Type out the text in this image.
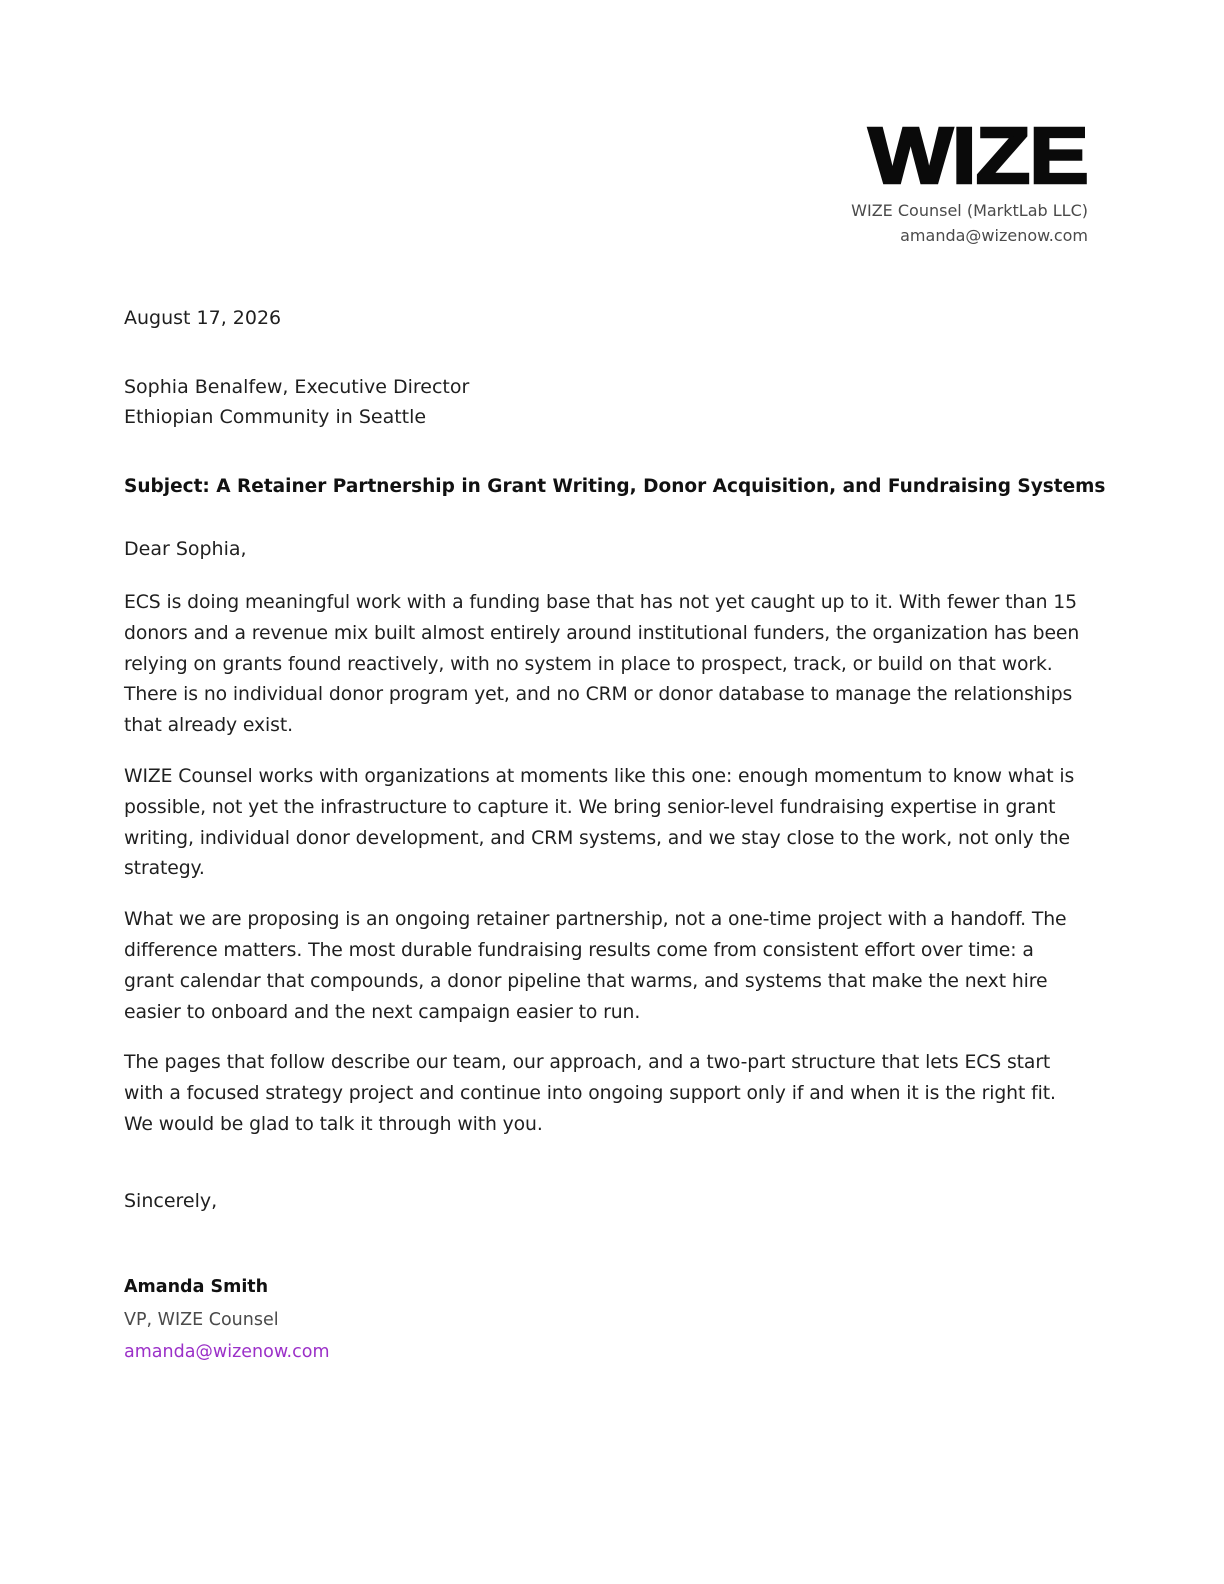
WIZE
WIZE Counsel (MarktLab LLC)
amanda@wizenow.com
August 17, 2026
Sophia Benalfew, Executive Director
Ethiopian Community in Seattle
Subject: A Retainer Partnership in Grant Writing, Donor Acquisition, and Fundraising Systems
Dear Sophia,

ECS is doing meaningful work with a funding base that has not yet caught up to it. With fewer than 15 donors and a revenue mix built almost entirely around institutional funders, the organization has been relying on grants found reactively, with no system in place to prospect, track, or build on that work. There is no individual donor program yet, and no CRM or donor database to manage the relationships that already exist.

WIZE Counsel works with organizations at moments like this one: enough momentum to know what is possible, not yet the infrastructure to capture it. We bring senior-level fundraising expertise in grant writing, individual donor development, and CRM systems, and we stay close to the work, not only the strategy.

What we are proposing is an ongoing retainer partnership, not a one-time project with a handoff. The difference matters. The most durable fundraising results come from consistent effort over time: a grant calendar that compounds, a donor pipeline that warms, and systems that make the next hire easier to onboard and the next campaign easier to run.

The pages that follow describe our team, our approach, and a two-part structure that lets ECS start with a focused strategy project and continue into ongoing support only if and when it is the right fit. We would be glad to talk it through with you.

Sincerely,
Amanda Smith
VP, WIZE Counsel
amanda@wizenow.com
